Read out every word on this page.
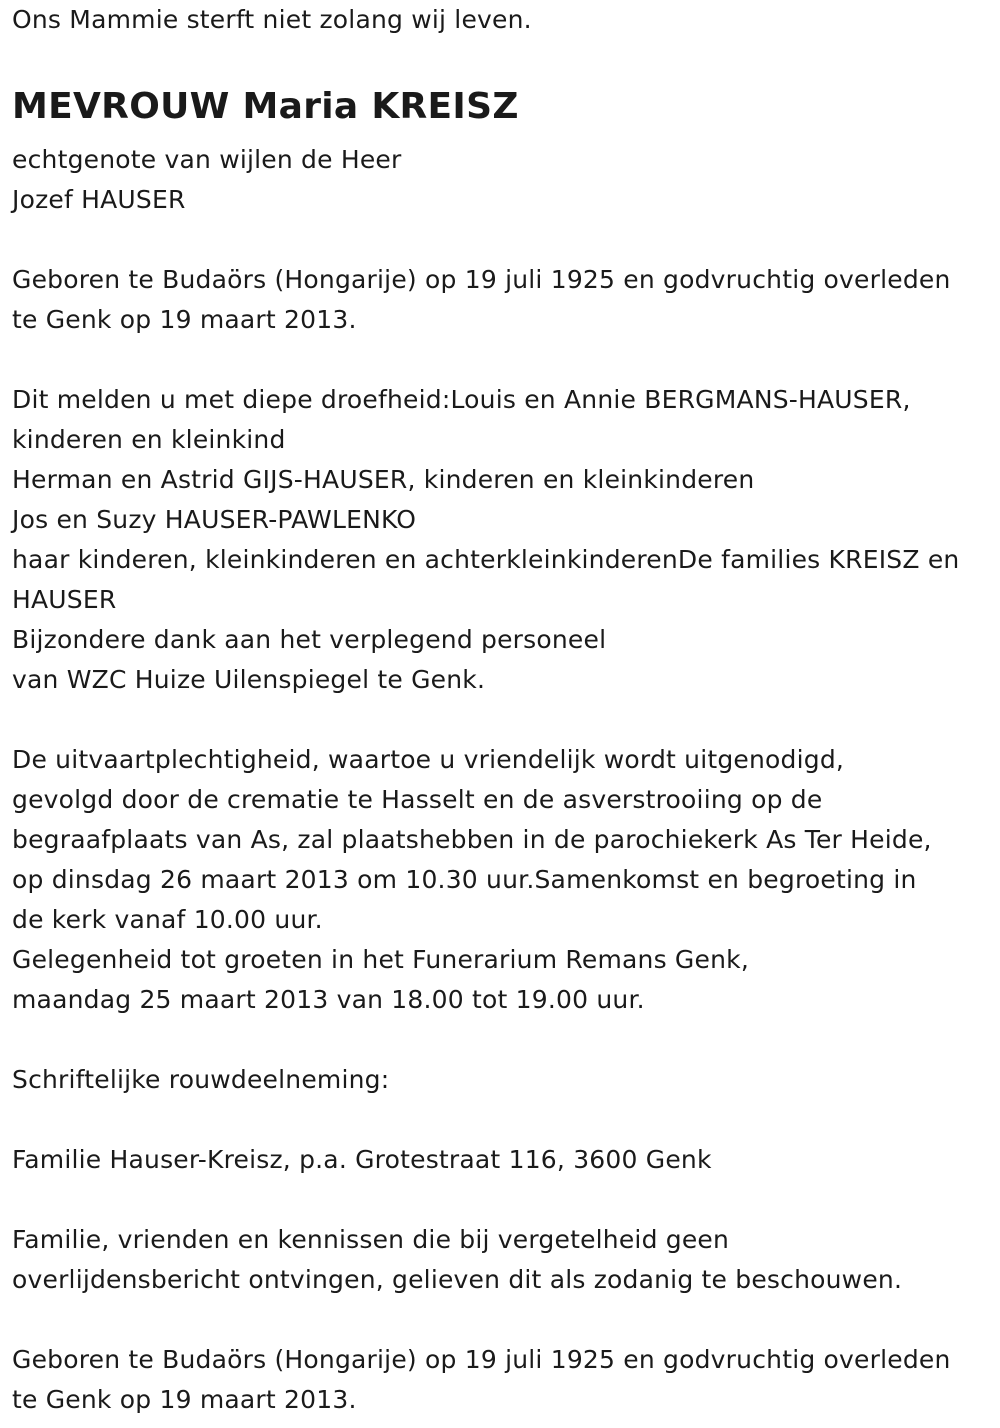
Ons Mammie sterft niet zolang wij leven.
MEVROUW Maria KREISZ
echtgenote van wijlen de Heer
Jozef HAUSER
Geboren te Budaörs (Hongarije) op 19 juli 1925 en godvruchtig overleden
te Genk op 19 maart 2013.
Dit melden u met diepe droefheid:Louis en Annie BERGMANS-HAUSER,
kinderen en kleinkind
Herman en Astrid GIJS-HAUSER, kinderen en kleinkinderen
Jos en Suzy HAUSER-PAWLENKO
haar kinderen, kleinkinderen en achterkleinkinderenDe families KREISZ en
HAUSER
Bijzondere dank aan het verplegend personeel
van WZC Huize Uilenspiegel te Genk.
De uitvaartplechtigheid, waartoe u vriendelijk wordt uitgenodigd,
gevolgd door de crematie te Hasselt en de asverstrooiing op de
begraafplaats van As, zal plaatshebben in de parochiekerk As Ter Heide,
op dinsdag 26 maart 2013 om 10.30 uur.Samenkomst en begroeting in
de kerk vanaf 10.00 uur.
Gelegenheid tot groeten in het Funerarium Remans Genk,
maandag 25 maart 2013 van 18.00 tot 19.00 uur.
Schriftelijke rouwdeelneming:
Familie Hauser-Kreisz, p.a. Grotestraat 116, 3600 Genk
Familie, vrienden en kennissen die bij vergetelheid geen
overlijdensbericht ontvingen, gelieven dit als zodanig te beschouwen.
Geboren te Budaörs (Hongarije) op 19 juli 1925 en godvruchtig overleden
te Genk op 19 maart 2013.
